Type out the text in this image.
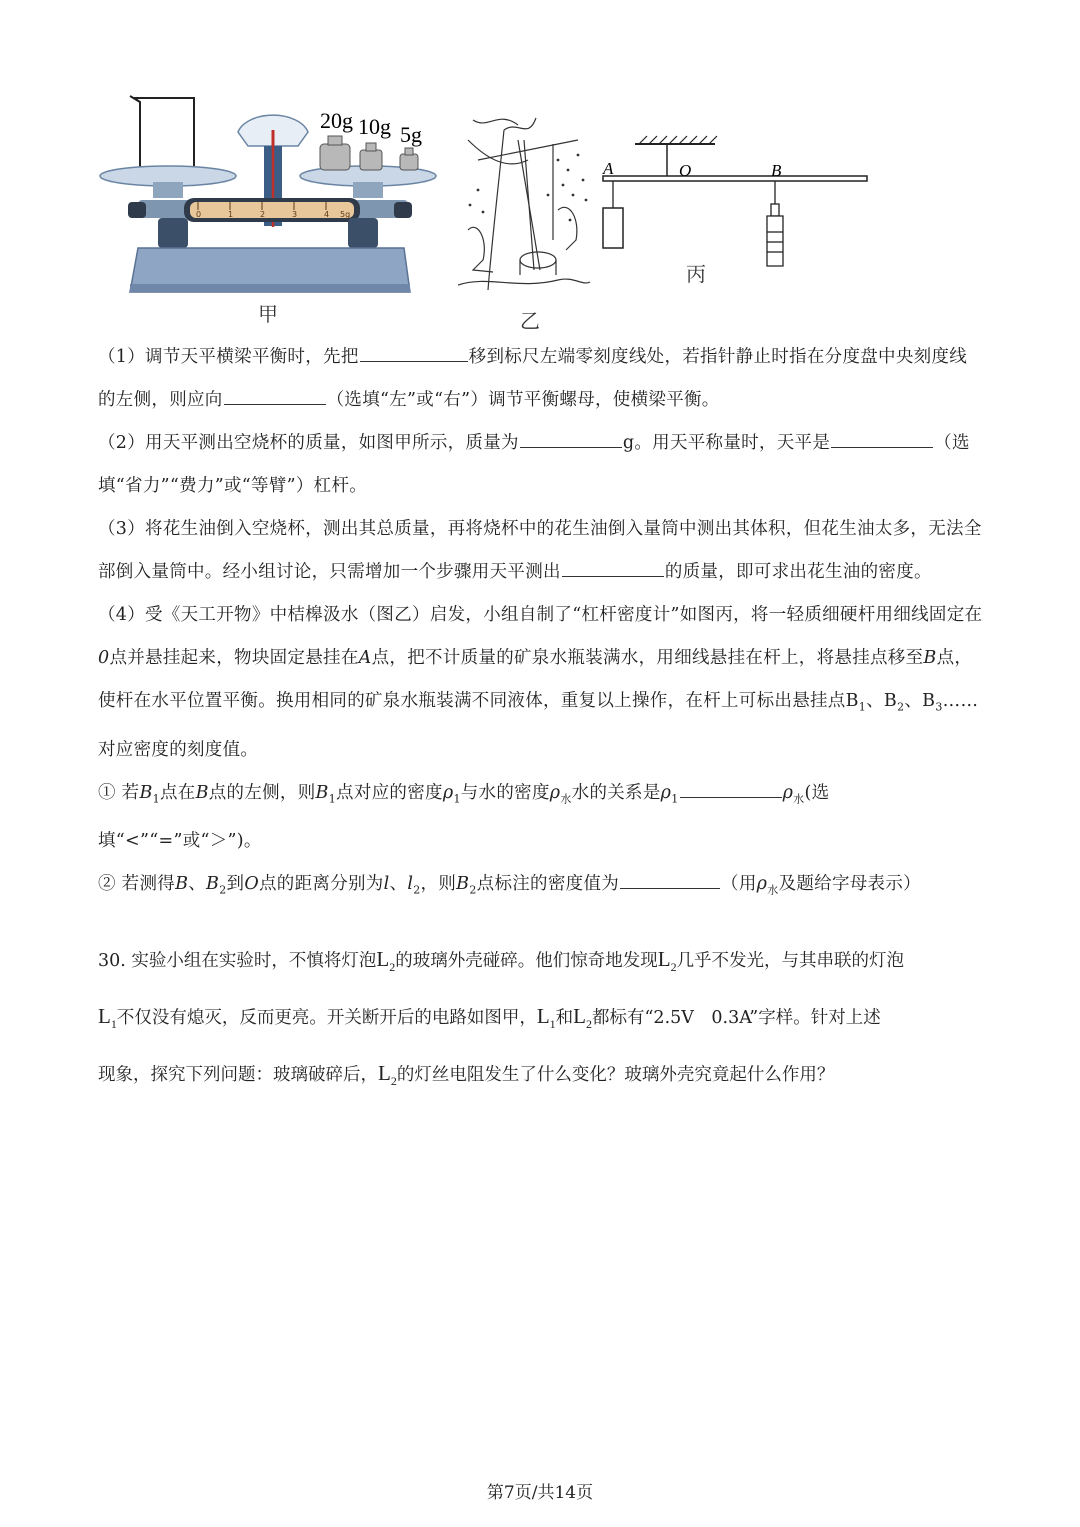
20g 10g 5g
0	1	2	3	4 5g
甲	乙
A	O	B
丙

（1）调节天平横梁平衡时，先把	移到标尺左端零刻度线处，若指针静止时指在分度盘中央刻度线的左侧，则应向	（选填“左”或“右”）调节平衡螺母，使横梁平衡。

（2）用天平测出空烧杯的质量，如图甲所示，质量为	g。用天平称量时，天平是	（选填“省力”“费力”或“等臂”）杠杆。

（3）将花生油倒入空烧杯，测出其总质量，再将烧杯中的花生油倒入量筒中测出其体积，但花生油太多，无法全部倒入量筒中。经小组讨论，只需增加一个步骤用天平测出	的质量，即可求出花生油的密度。

（4）受《天工开物》中桔槔汲水（图乙）启发，小组自制了“杠杆密度计”如图丙，将一轻质细硬杆用细线固定在0点并悬挂起来，物块固定悬挂在A点，把不计质量的矿泉水瓶装满水，用细线悬挂在杆上，将悬挂点移至B点，使杆在水平位置平衡。换用相同的矿泉水瓶装满不同液体，重复以上操作，在杆上可标出悬挂点$B_1$、$B_2$、$B_3\dots\dots$对应密度的刻度值。

① 若$B_1$点在B点的左侧，则$B_1$点对应的密度$\rho_1$与水的密度$\rho_水$水的关系是$\rho_1$	$\rho_水$(选填“<”“=”或“＞”)。

② 若测得B、$B_2$到O点的距离分别为l、$l_2$，则$B_2$点标注的密度值为	（用$\rho_水$及题给字母表示）

30. 实验小组在实验时，不慎将灯泡$L_2$的玻璃外壳碰碎。他们惊奇地发现$L_2$几乎不发光，与其串联的灯泡
$L_1$不仅没有熄灭，反而更亮。开关断开后的电路如图甲，$L_1$和$L_2$都标有“2.5V　0.3A”字样。针对上述
现象，探究下列问题：玻璃破碎后，$L_2$的灯丝电阻发生了什么变化？玻璃外壳究竟起什么作用？
第7页/共14页
